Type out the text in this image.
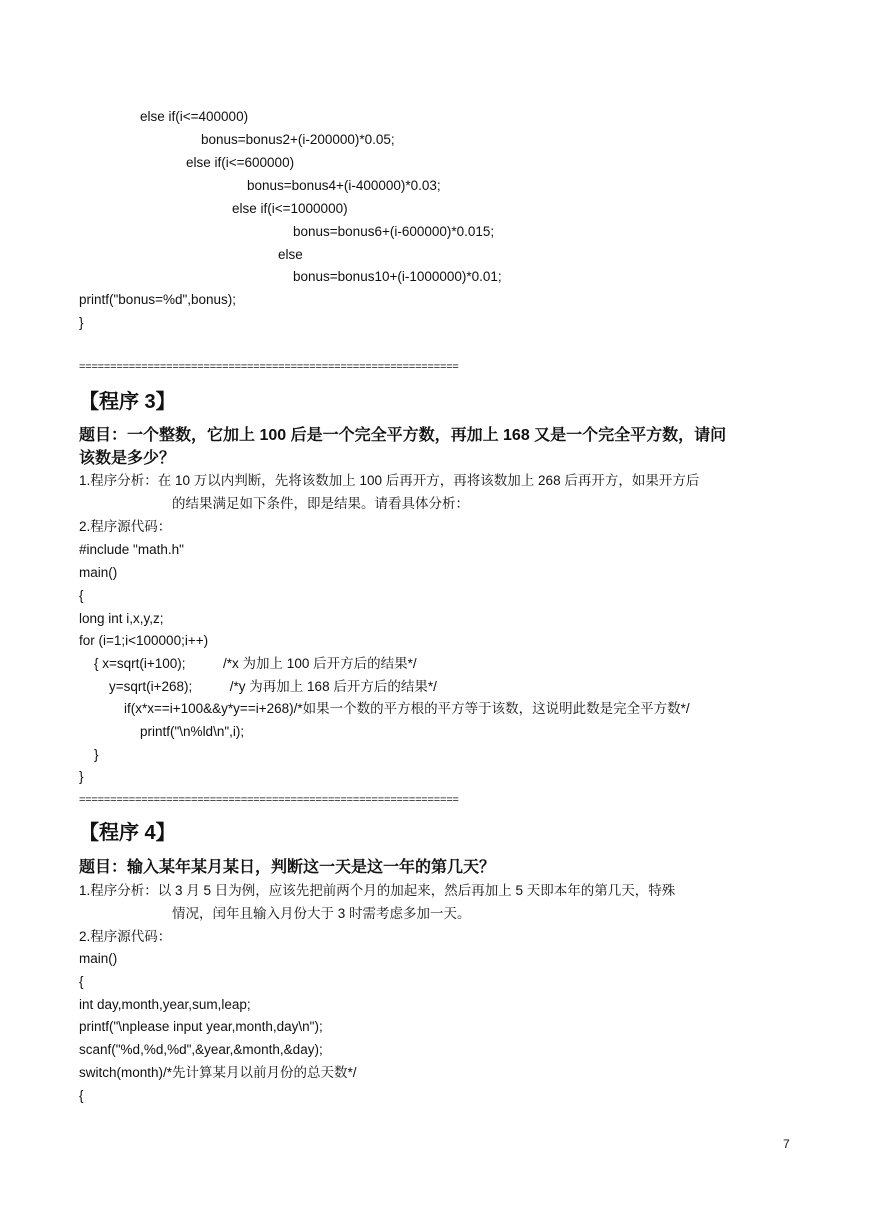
else if(i<=400000)
bonus=bonus2+(i-200000)*0.05;
else if(i<=600000)
bonus=bonus4+(i-400000)*0.03;
else if(i<=1000000)
bonus=bonus6+(i-600000)*0.015;
else
bonus=bonus10+(i-1000000)*0.01;
printf("bonus=%d",bonus);
}
=============================================================
【程序 3】
题目：一个整数，它加上 100 后是一个完全平方数，再加上 168 又是一个完全平方数，请问
该数是多少？
1.程序分析：在 10 万以内判断，先将该数加上 100 后再开方，再将该数加上 268 后再开方，如果开方后
的结果满足如下条件，即是结果。请看具体分析：
2.程序源代码：
#include "math.h"
main()
{
long int i,x,y,z;
for (i=1;i<100000;i++)
{ x=sqrt(i+100);          /*x 为加上 100 后开方后的结果*/
y=sqrt(i+268);          /*y 为再加上 168 后开方后的结果*/
if(x*x==i+100&&y*y==i+268)/*如果一个数的平方根的平方等于该数，这说明此数是完全平方数*/
printf("\n%ld\n",i);
}
}
=============================================================
【程序 4】
题目：输入某年某月某日，判断这一天是这一年的第几天？
1.程序分析：以 3 月 5 日为例，应该先把前两个月的加起来，然后再加上 5 天即本年的第几天，特殊
情况，闰年且输入月份大于 3 时需考虑多加一天。
2.程序源代码：
main()
{
int day,month,year,sum,leap;
printf("\nplease input year,month,day\n");
scanf("%d,%d,%d",&year,&month,&day);
switch(month)/*先计算某月以前月份的总天数*/
{
7
